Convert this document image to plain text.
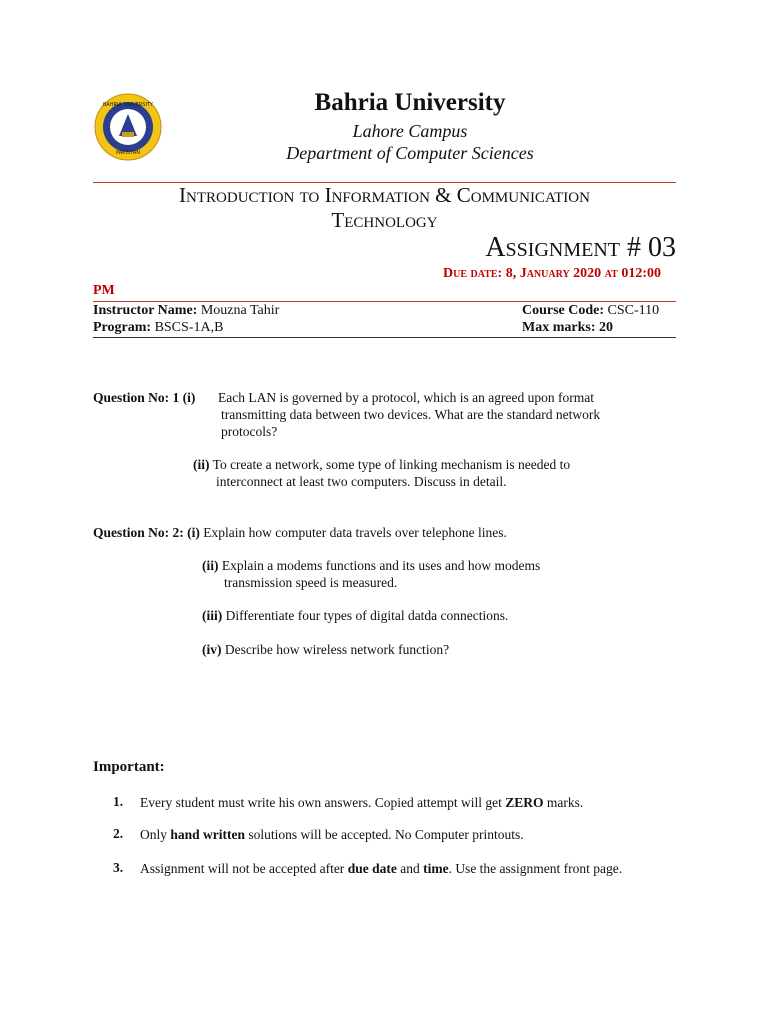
BAHRIA UNIVERSITY
PAKISTAN
Bahria University
Lahore Campus
Department of Computer Sciences
Introduction to Information & Communication
Technology
Assignment # 03
Due date: 8, January 2020 at 012:00
PM
Instructor Name: Mouzna Tahir	Course Code: CSC-110
Program: BSCS-1A,B	Max marks: 20
Question No: 1 (i) Each LAN is governed by a protocol, which is an agreed upon format
transmitting data between two devices. What are the standard network
protocols?
(ii) To create a network, some type of linking mechanism is needed to
interconnect at least two computers. Discuss in detail.
Question No: 2: (i) Explain how computer data travels over telephone lines.
(ii) Explain a modems functions and its uses and how modems
transmission speed is measured.
(iii) Differentiate four types of digital datda connections.
(iv) Describe how wireless network function?
Important:
1.	Every student must write his own answers. Copied attempt will get ZERO marks.
2.	Only hand written solutions will be accepted. No Computer printouts.
3.	Assignment will not be accepted after due date and time. Use the assignment front page.
